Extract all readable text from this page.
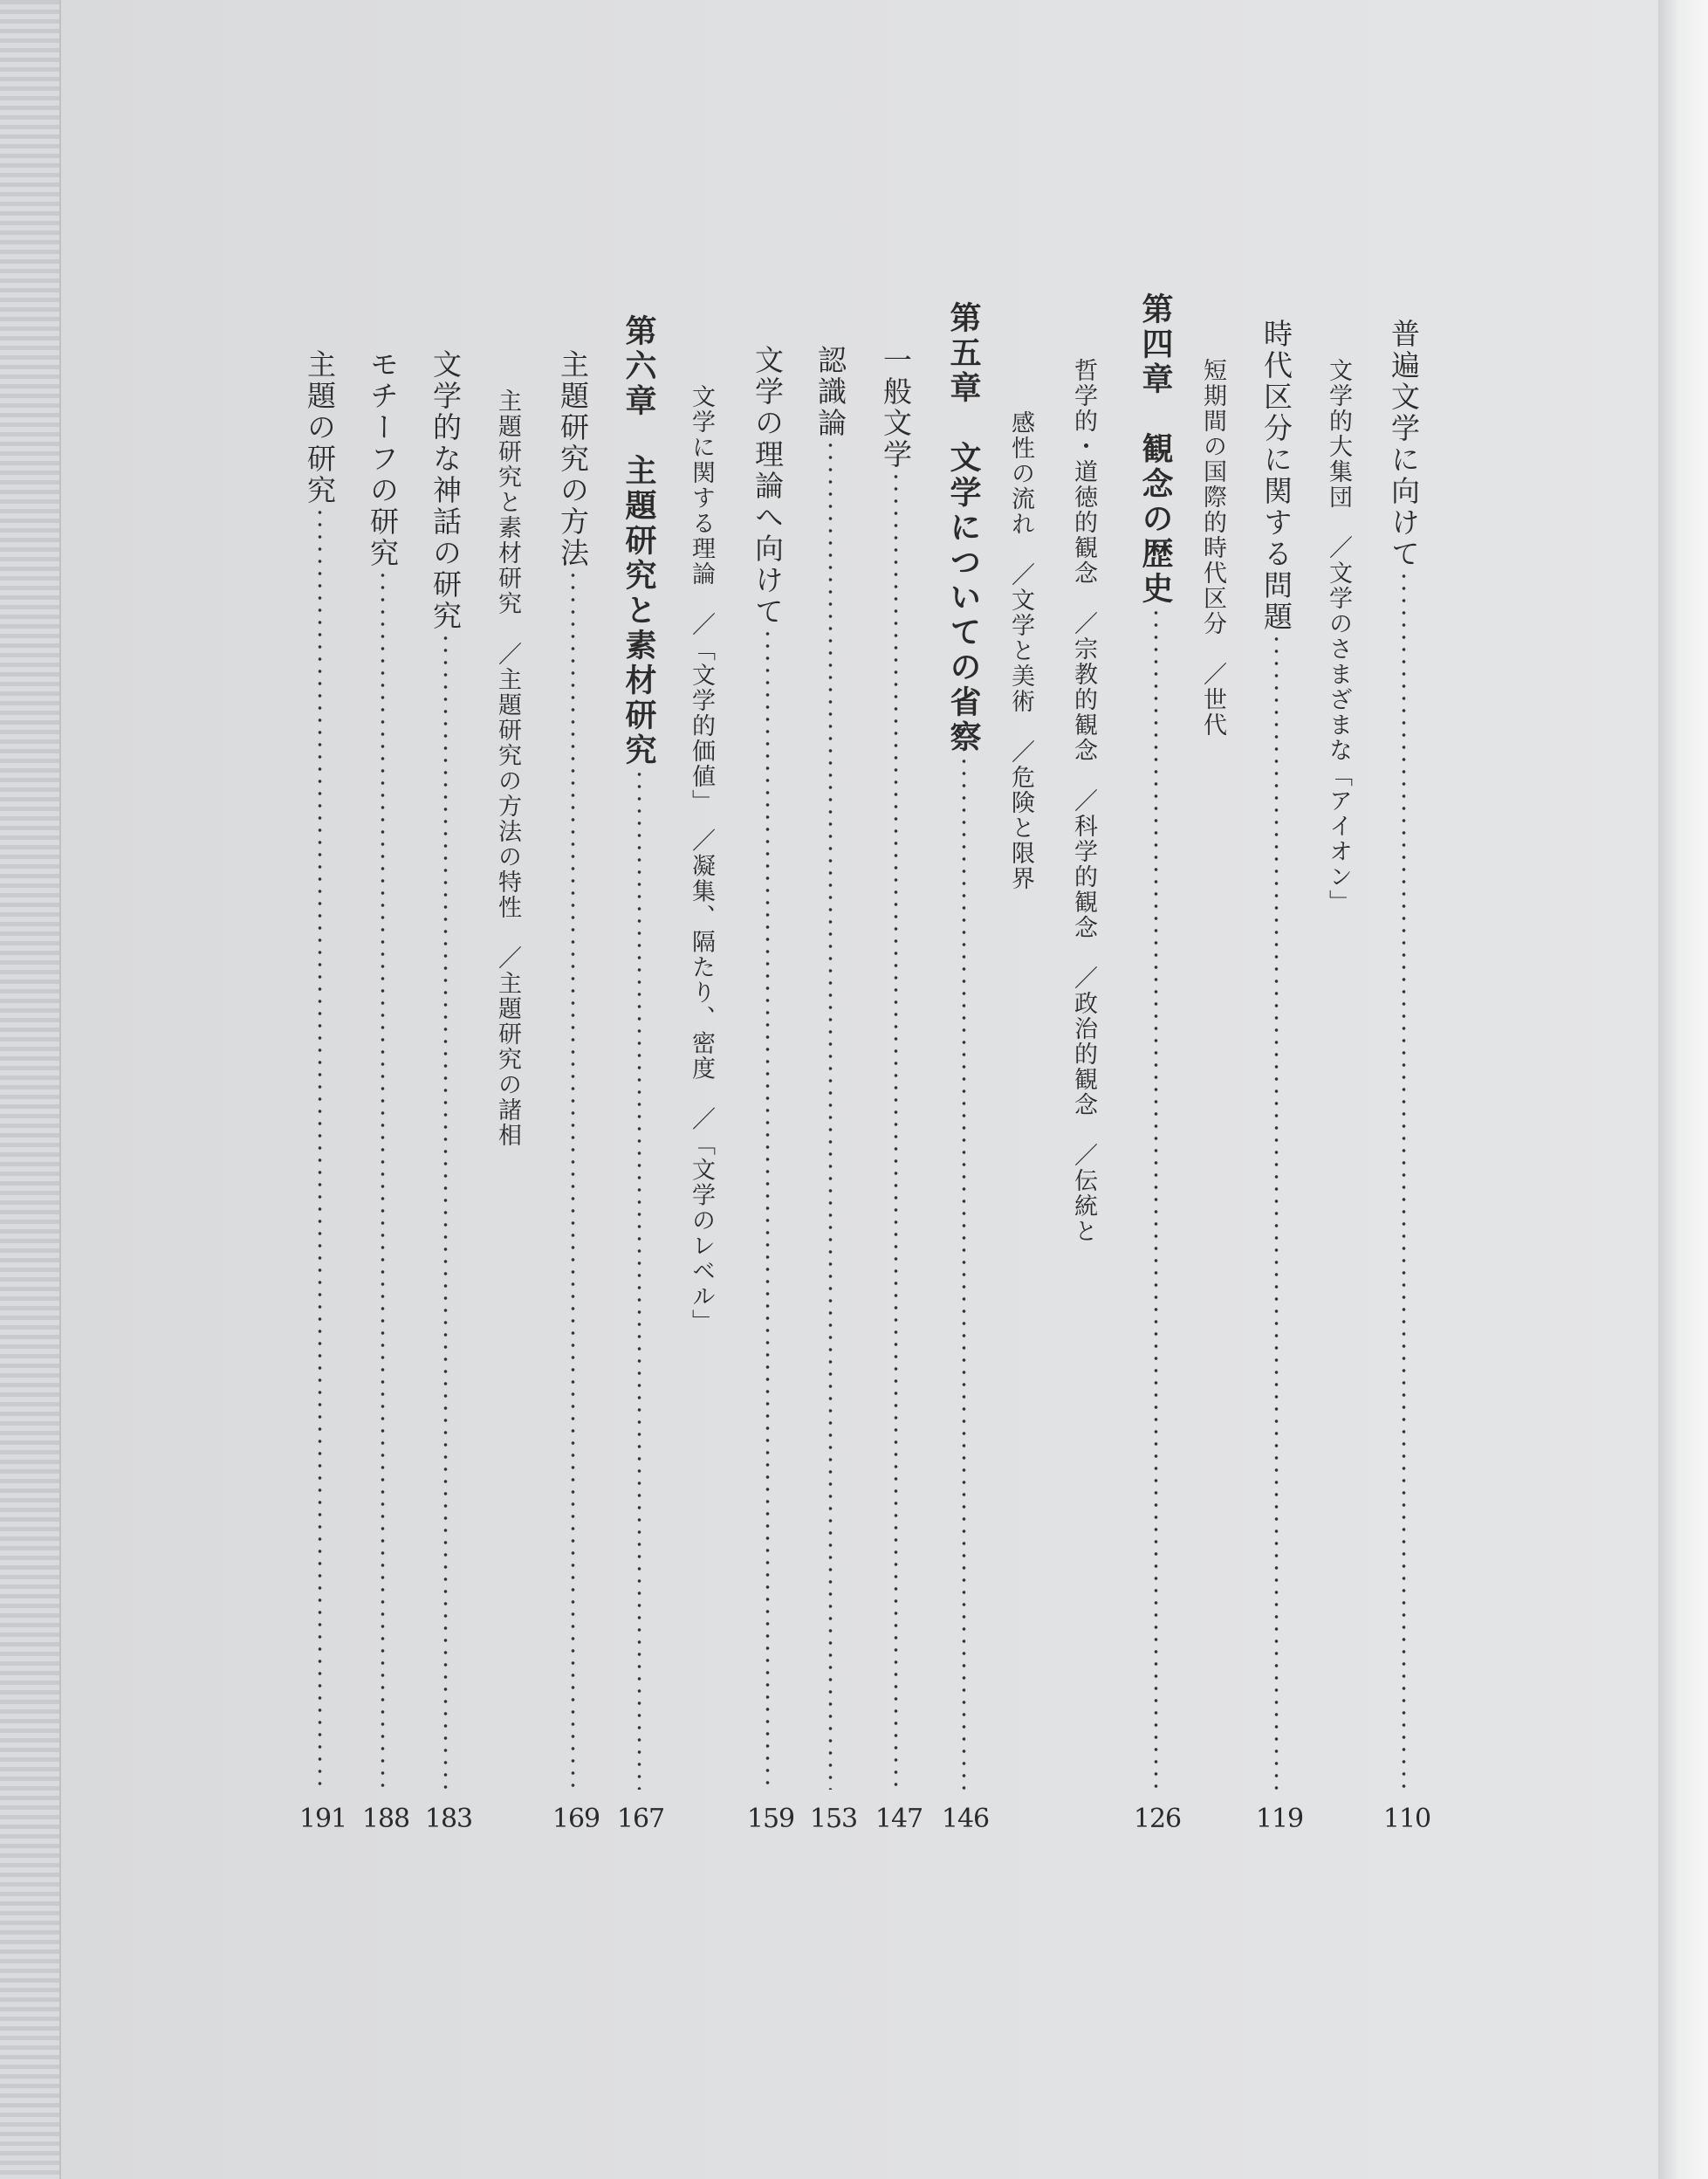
普遍文学に向けて
110
文学的大集団　／文学のさまざまな「アイオン」
時代区分に関する問題
119
短期間の国際的時代区分　／世代
第四章　観念の歴史
126
哲学的・道徳的観念　／宗教的観念　／科学的観念　／政治的観念　／伝統と
感性の流れ　／文学と美術　／危険と限界
第五章　文学についての省察
146
一般文学
147
認識論
153
文学の理論へ向けて
159
文学に関する理論　／「文学的価値」　／凝集、隔たり、密度　／「文学のレベル」
第六章　主題研究と素材研究
167
主題研究の方法
169
主題研究と素材研究　／主題研究の方法の特性　／主題研究の諸相
文学的な神話の研究
183
モチーフの研究
188
主題の研究
191
